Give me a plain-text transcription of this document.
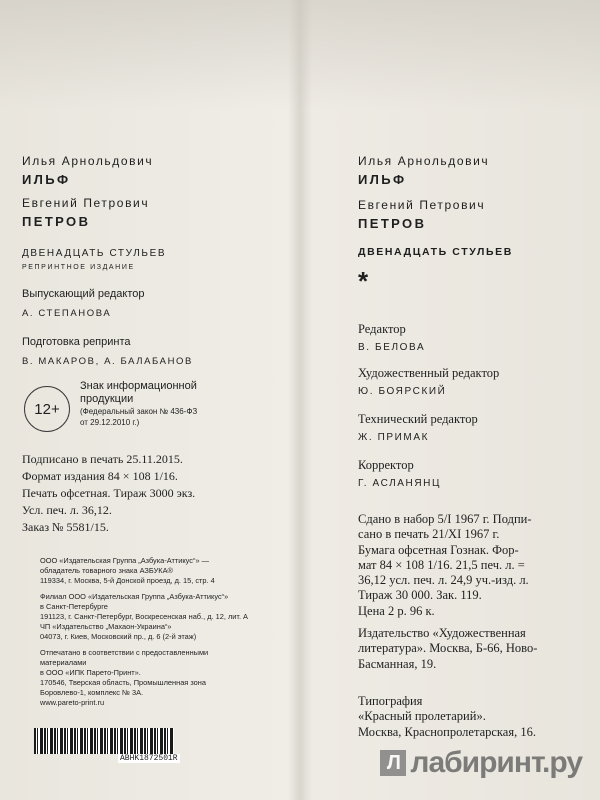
Илья Арнольдович
ИЛЬФ
Евгений Петрович
ПЕТРОВ
ДВЕНАДЦАТЬ СТУЛЬЕВ
РЕПРИНТНОЕ ИЗДАНИЕ
Выпускающий редактор
А. СТЕПАНОВА
Подготовка репринта
В. МАКАРОВ, А. БАЛАБАНОВ
12+
Знак информационной
продукции
(Федеральный закон № 436-ФЗ
от 29.12.2010 г.)
Подписано в печать 25.11.2015.
Формат издания 84 × 108 1/16.
Печать офсетная. Тираж 3000 экз.
Усл. печ. л. 36,12.
Заказ № 5581/15.
ООО «Издательская Группа „Азбука-Аттикус“» —
обладатель товарного знака АЗБУКА®
119334, г. Москва, 5-й Донской проезд, д. 15, стр. 4
Филиал ООО «Издательская Группа „Азбука-Аттикус“»
в Санкт-Петербурге
191123, г. Санкт-Петербург, Воскресенская наб., д. 12, лит. А
ЧП «Издательство „Махаон-Украина“»
04073, г. Киев, Московский пр., д. 6 (2-й этаж)
Отпечатано в соответствии с предоставленными
материалами
в ООО «ИПК Парето-Принт».
170546, Тверская область, Промышленная зона
Боровлево-1, комплекс № 3А.
www.pareto-print.ru
ABHK1872501R
Илья Арнольдович
ИЛЬФ
Евгений Петрович
ПЕТРОВ
ДВЕНАДЦАТЬ СТУЛЬЕВ
*
Редактор
В. БЕЛОВА
Художественный редактор
Ю. БОЯРСКИЙ
Технический редактор
Ж. ПРИМАК
Корректор
Г. АСЛАНЯНЦ
Сдано в набор 5/I 1967 г. Подпи-
сано в печать 21/XI 1967 г.
Бумага офсетная Гознак. Фор-
мат 84 × 108 1/16. 21,5 печ. л. =
36,12 усл. печ. л. 24,9 уч.-изд. л.
Тираж 30 000. Зак. 119.
Цена 2 р. 96 к.
Издательство «Художественная
литература». Москва, Б-66, Ново-
Басманная, 19.
Типография
«Красный пролетарий».
Москва, Краснопролетарская, 16.
Л лабиринт.ру
